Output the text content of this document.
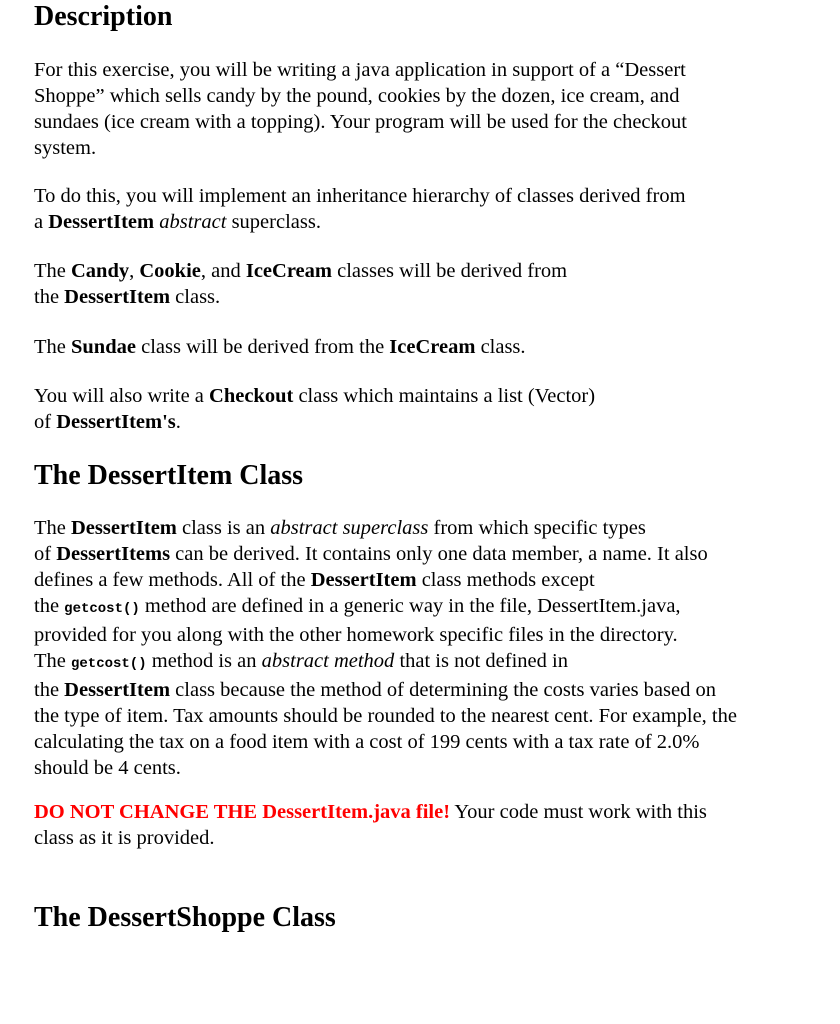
Description
For this exercise, you will be writing a java application in support of a “Dessert
Shoppe” which sells candy by the pound, cookies by the dozen, ice cream, and
sundaes (ice cream with a topping). Your program will be used for the checkout
system.
To do this, you will implement an inheritance hierarchy of classes derived from
a DessertItem abstract superclass.
The Candy, Cookie, and IceCream classes will be derived from
the DessertItem class.
The Sundae class will be derived from the IceCream class.
You will also write a Checkout class which maintains a list (Vector)
of DessertItem's.
The DessertItem Class
The DessertItem class is an abstract superclass from which specific types
of DessertItems can be derived. It contains only one data member, a name. It also
defines a few methods. All of the DessertItem class methods except
the getcost() method are defined in a generic way in the file, DessertItem.java,
provided for you along with the other homework specific files in the directory.
The getcost() method is an abstract method that is not defined in
the DessertItem class because the method of determining the costs varies based on
the type of item. Tax amounts should be rounded to the nearest cent. For example, the
calculating the tax on a food item with a cost of 199 cents with a tax rate of 2.0%
should be 4 cents.
DO NOT CHANGE THE DessertItem.java file! Your code must work with this
class as it is provided.
The DessertShoppe Class
